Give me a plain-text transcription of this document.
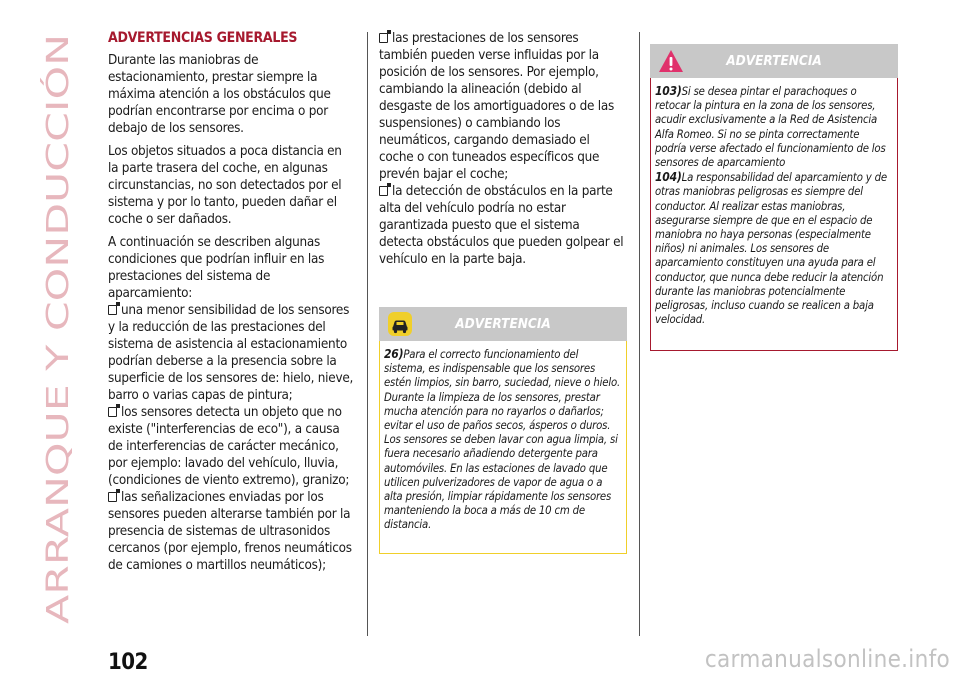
ARRANQUE Y CONDUCCIÓN
ADVERTENCIAS GENERALES

Durante las maniobras de estacionamiento, prestar siempre la máxima atención a los obstáculos que podrían encontrarse por encima o por debajo de los sensores.

Los objetos situados a poca distancia en la parte trasera del coche, en algunas circunstancias, no son detectados por el sistema y por lo tanto, pueden dañar el coche o ser dañados.

A continuación se describen algunas condiciones que podrían influir en las prestaciones del sistema de aparcamiento:

una menor sensibilidad de los sensores y la reducción de las prestaciones del sistema de asistencia al estacionamiento podrían deberse a la presencia sobre la superficie de los sensores de: hielo, nieve, barro o varias capas de pintura;
los sensores detecta un objeto que no existe ("interferencias de eco"), a causa de interferencias de carácter mecánico, por ejemplo: lavado del vehículo, lluvia, (condiciones de viento extremo), granizo;
las señalizaciones enviadas por los sensores pueden alterarse también por la presencia de sistemas de ultrasonidos cercanos (por ejemplo, frenos neumáticos de camiones o martillos neumáticos);
las prestaciones de los sensores también pueden verse influidas por la posición de los sensores. Por ejemplo, cambiando la alineación (debido al desgaste de los amortiguadores o de las suspensiones) o cambiando los neumáticos, cargando demasiado el coche o con tuneados específicos que prevén bajar el coche;
la detección de obstáculos en la parte alta del vehículo podría no estar garantizada puesto que el sistema detecta obstáculos que pueden golpear el vehículo en la parte baja.
ADVERTENCIA
26)Para el correcto funcionamiento del sistema, es indispensable que los sensores estén limpios, sin barro, suciedad, nieve o hielo. Durante la limpieza de los sensores, prestar mucha atención para no rayarlos o dañarlos; evitar el uso de paños secos, ásperos o duros. Los sensores se deben lavar con agua limpia, si fuera necesario añadiendo detergente para automóviles. En las estaciones de lavado que utilicen pulverizadores de vapor de agua o a alta presión, limpiar rápidamente los sensores manteniendo la boca a más de 10 cm de distancia.
ADVERTENCIA
103)Si se desea pintar el parachoques o retocar la pintura en la zona de los sensores, acudir exclusivamente a la Red de Asistencia Alfa Romeo. Si no se pinta correctamente podría verse afectado el funcionamiento de los sensores de aparcamiento
104)La responsabilidad del aparcamiento y de otras maniobras peligrosas es siempre del conductor. Al realizar estas maniobras, asegurarse siempre de que en el espacio de maniobra no haya personas (especialmente niños) ni animales. Los sensores de aparcamiento constituyen una ayuda para el conductor, que nunca debe reducir la atención durante las maniobras potencialmente peligrosas, incluso cuando se realicen a baja velocidad.
102	carmanualsonline.info
